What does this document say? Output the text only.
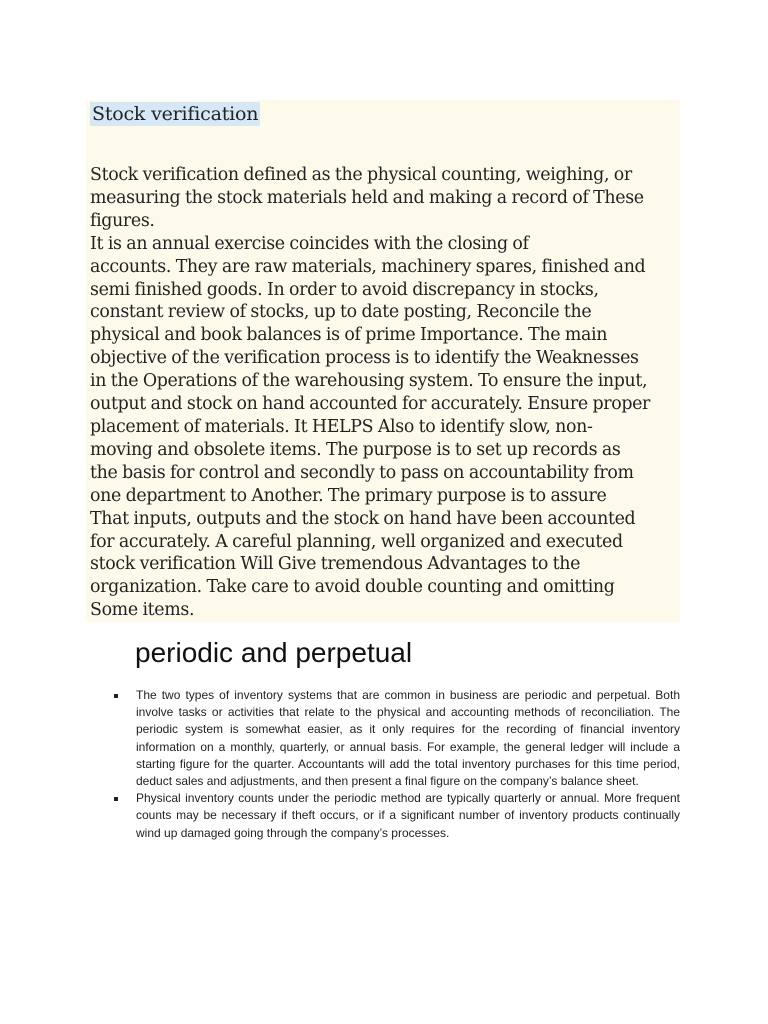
Stock verification
Stock verification defined as the physical counting, weighing, or
measuring the stock materials held and making a record of These
figures.
It is an annual exercise coincides with the closing of
accounts. They are raw materials, machinery spares, finished and
semi finished goods. In order to avoid discrepancy in stocks,
constant review of stocks, up to date posting, Reconcile the
physical and book balances is of prime Importance. The main
objective of the verification process is to identify the Weaknesses
in the Operations of the warehousing system. To ensure the input,
output and stock on hand accounted for accurately. Ensure proper
placement of materials. It HELPS Also to identify slow, non-
moving and obsolete items. The purpose is to set up records as
the basis for control and secondly to pass on accountability from
one department to Another. The primary purpose is to assure
That inputs, outputs and the stock on hand have been accounted
for accurately. A careful planning, well organized and executed
stock verification Will Give tremendous Advantages to the
organization. Take care to avoid double counting and omitting
Some items.
periodic and perpetual
The two types of inventory systems that are common in business are periodic and perpetual. Both involve tasks or activities that relate to the physical and accounting methods of reconciliation. The periodic system is somewhat easier, as it only requires for the recording of financial inventory information on a monthly, quarterly, or annual basis. For example, the general ledger will include a starting figure for the quarter. Accountants will add the total inventory purchases for this time period, deduct sales and adjustments, and then present a final figure on the company’s balance sheet.
Physical inventory counts under the periodic method are typically quarterly or annual. More frequent counts may be necessary if theft occurs, or if a significant number of inventory products continually wind up damaged going through the company’s processes.
